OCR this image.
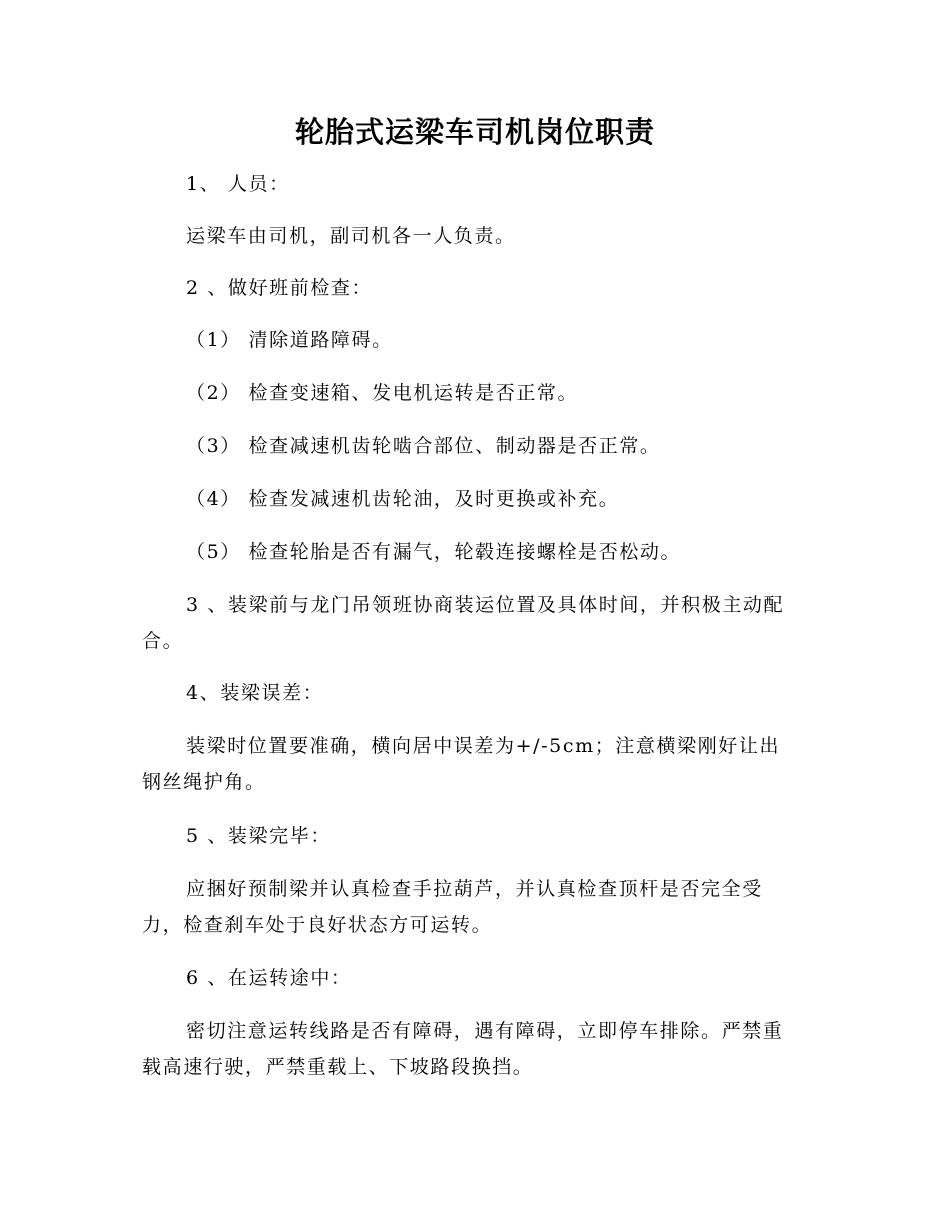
轮胎式运梁车司机岗位职责

1、 人员：

运梁车由司机，副司机各一人负责。

2 、做好班前检查：

（1） 清除道路障碍。

（2） 检查变速箱、发电机运转是否正常。

（3） 检查减速机齿轮啮合部位、制动器是否正常。

（4） 检查发减速机齿轮油，及时更换或补充。

（5） 检查轮胎是否有漏气，轮毂连接螺栓是否松动。

3 、装梁前与龙门吊领班协商装运位置及具体时间，并积极主动配合。

4、装梁误差：

装梁时位置要准确，横向居中误差为+/-5cm；注意横梁刚好让出钢丝绳护角。

5 、装梁完毕：

应捆好预制梁并认真检查手拉葫芦，并认真检查顶杆是否完全受力，检查刹车处于良好状态方可运转。

6 、在运转途中：

密切注意运转线路是否有障碍，遇有障碍，立即停车排除。严禁重载高速行驶，严禁重载上、下坡路段换挡。
